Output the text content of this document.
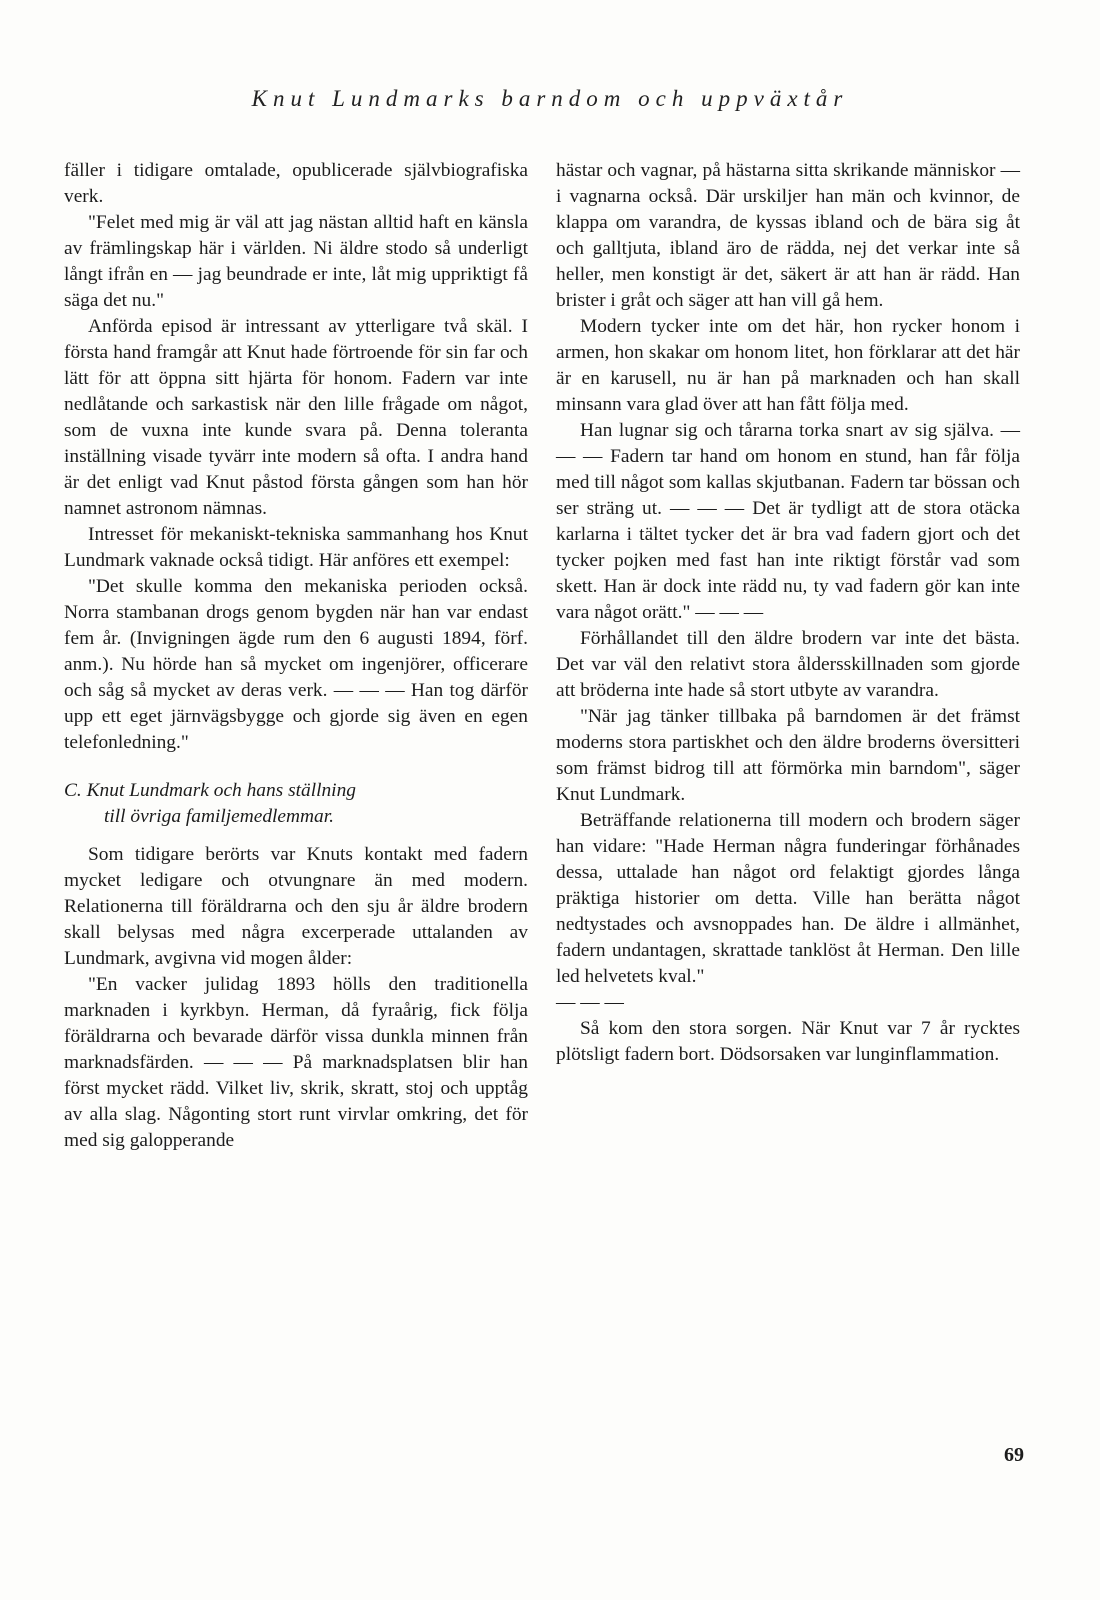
Knut Lundmarks barndom och uppväxtår

fäller i tidigare omtalade, opublicerade självbiografiska verk.

"Felet med mig är väl att jag nästan alltid haft en känsla av främlingskap här i världen. Ni äldre stodo så underligt långt ifrån en — jag beundrade er inte, låt mig uppriktigt få säga det nu."

Anförda episod är intressant av ytterligare två skäl. I första hand framgår att Knut hade förtroende för sin far och lätt för att öppna sitt hjärta för honom. Fadern var inte nedlåtande och sarkastisk när den lille frågade om något, som de vuxna inte kunde svara på. Denna toleranta inställning visade tyvärr inte modern så ofta. I andra hand är det enligt vad Knut påstod första gången som han hör namnet astronom nämnas.

Intresset för mekaniskt-tekniska sammanhang hos Knut Lundmark vaknade också tidigt. Här anföres ett exempel:

"Det skulle komma den mekaniska perioden också. Norra stambanan drogs genom bygden när han var endast fem år. (Invigningen ägde rum den 6 augusti 1894, förf. anm.). Nu hörde han så mycket om ingenjörer, officerare och såg så mycket av deras verk. — — — Han tog därför upp ett eget järnvägsbygge och gjorde sig även en egen telefonledning."

C. Knut Lundmark och hans ställning
till övriga familjemedlemmar.

Som tidigare berörts var Knuts kontakt med fadern mycket ledigare och otvungnare än med modern. Relationerna till föräldrarna och den sju år äldre brodern skall belysas med några excerperade uttalanden av Lundmark, avgivna vid mogen ålder:

"En vacker julidag 1893 hölls den traditionella marknaden i kyrkbyn. Herman, då fyraårig, fick följa föräldrarna och bevarade därför vissa dunkla minnen från marknadsfärden. — — — På marknadsplatsen blir han först mycket rädd. Vilket liv, skrik, skratt, stoj och upptåg av alla slag. Någonting stort runt virvlar omkring, det för med sig galopperande

hästar och vagnar, på hästarna sitta skrikande människor — i vagnarna också. Där urskiljer han män och kvinnor, de klappa om varandra, de kyssas ibland och de bära sig åt och galltjuta, ibland äro de rädda, nej det verkar inte så heller, men konstigt är det, säkert är att han är rädd. Han brister i gråt och säger att han vill gå hem.

Modern tycker inte om det här, hon rycker honom i armen, hon skakar om honom litet, hon förklarar att det här är en karusell, nu är han på marknaden och han skall minsann vara glad över att han fått följa med.

Han lugnar sig och tårarna torka snart av sig själva. — — — Fadern tar hand om honom en stund, han får följa med till något som kallas skjutbanan. Fadern tar bössan och ser sträng ut. — — — Det är tydligt att de stora otäcka karlarna i tältet tycker det är bra vad fadern gjort och det tycker pojken med fast han inte riktigt förstår vad som skett. Han är dock inte rädd nu, ty vad fadern gör kan inte vara något orätt." — — —

Förhållandet till den äldre brodern var inte det bästa. Det var väl den relativt stora åldersskillnaden som gjorde att bröderna inte hade så stort utbyte av varandra.

"När jag tänker tillbaka på barndomen är det främst moderns stora partiskhet och den äldre broderns översitteri som främst bidrog till att förmörka min barndom", säger Knut Lundmark.

Beträffande relationerna till modern och brodern säger han vidare: "Hade Herman några funderingar förhånades dessa, uttalade han något ord felaktigt gjordes långa präktiga historier om detta. Ville han berätta något nedtystades och avsnoppades han. De äldre i allmänhet, fadern undantagen, skrattade tanklöst åt Herman. Den lille led helvetets kval."

— — —

Så kom den stora sorgen. När Knut var 7 år rycktes plötsligt fadern bort. Dödsorsaken var lunginflammation.

69
